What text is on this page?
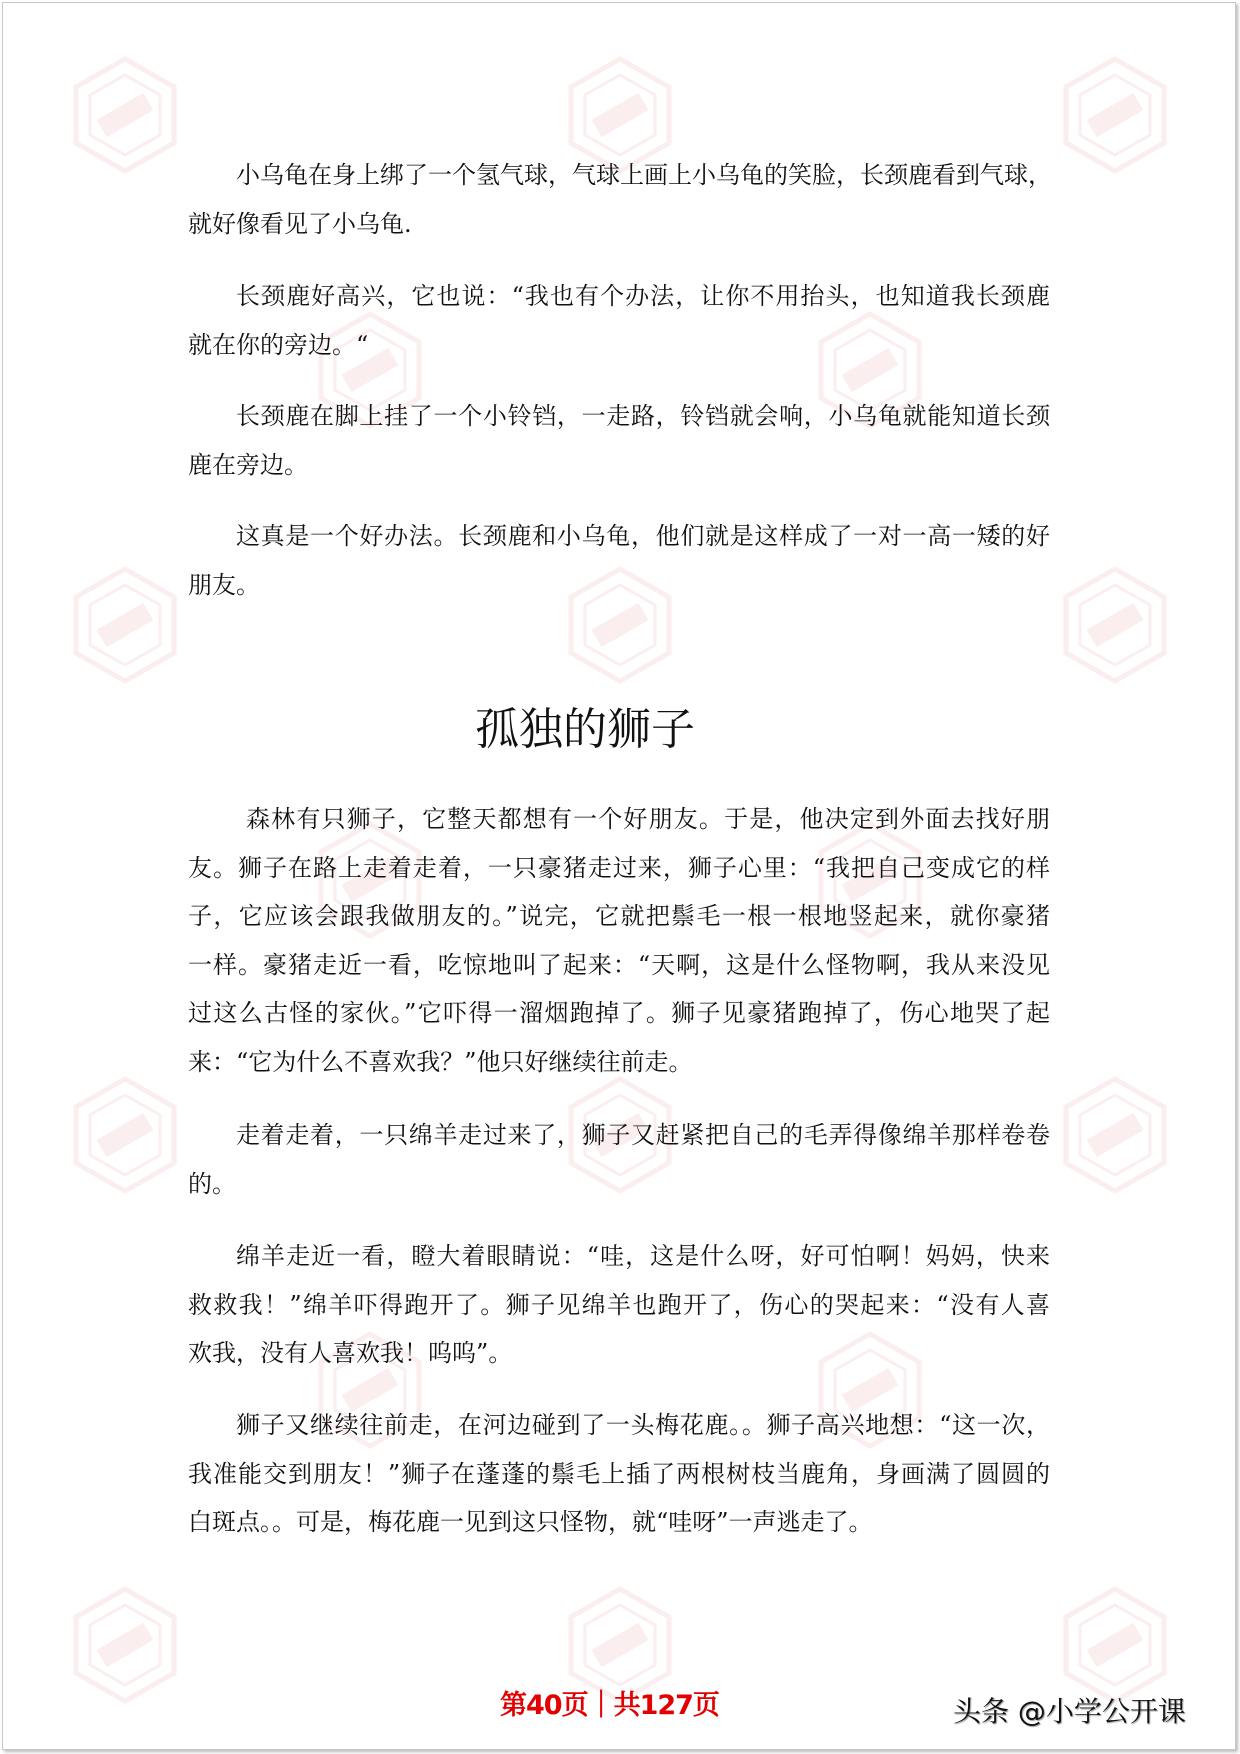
小乌龟在身上绑了一个氢气球，气球上画上小乌龟的笑脸，长颈鹿看到气球，
就好像看见了小乌龟.
长颈鹿好高兴，它也说：“我也有个办法，让你不用抬头，也知道我长颈鹿
就在你的旁边。“
长颈鹿在脚上挂了一个小铃铛，一走路，铃铛就会响，小乌龟就能知道长颈
鹿在旁边。
这真是一个好办法。长颈鹿和小乌龟，他们就是这样成了一对一高一矮的好
朋友。
孤独的狮子
森林有只狮子，它整天都想有一个好朋友。于是，他决定到外面去找好朋
友。狮子在路上走着走着，一只豪猪走过来，狮子心里：“我把自己变成它的样
子，它应该会跟我做朋友的。”说完，它就把鬃毛一根一根地竖起来，就你豪猪
一样。豪猪走近一看，吃惊地叫了起来：“天啊，这是什么怪物啊，我从来没见
过这么古怪的家伙。”它吓得一溜烟跑掉了。狮子见豪猪跑掉了，伤心地哭了起
来：“它为什么不喜欢我？”他只好继续往前走。
走着走着，一只绵羊走过来了，狮子又赶紧把自己的毛弄得像绵羊那样卷卷
的。
绵羊走近一看，瞪大着眼睛说：“哇，这是什么呀，好可怕啊！妈妈，快来
救救我！”绵羊吓得跑开了。狮子见绵羊也跑开了，伤心的哭起来：“没有人喜
欢我，没有人喜欢我！呜呜”。
狮子又继续往前走，在河边碰到了一头梅花鹿。。狮子高兴地想：“这一次，
我准能交到朋友！”狮子在蓬蓬的鬃毛上插了两根树枝当鹿角，身画满了圆圆的
白斑点。。可是，梅花鹿一见到这只怪物，就“哇呀”一声逃走了。
第40页｜共127页	头条 @小学公开课
